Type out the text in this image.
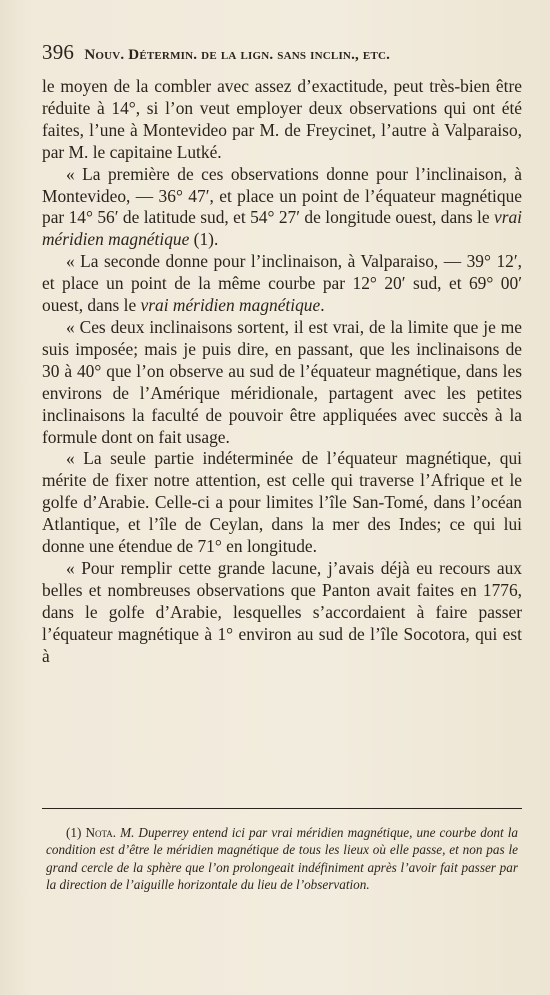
396 Nouv. Détermin. de la lign. sans inclin., etc.

le moyen de la combler avec assez d’exactitude, peut très-bien être réduite à 14°, si l’on veut employer deux observations qui ont été faites, l’une à Montevideo par M. de Freycinet, l’autre à Valparaiso, par M. le capitaine Lutké.

« La première de ces observations donne pour l’inclinaison, à Montevideo, — 36° 47′, et place un point de l’équateur magnétique par 14° 56′ de latitude sud, et 54° 27′ de longitude ouest, dans le vrai méridien magnétique (1).

« La seconde donne pour l’inclinaison, à Valparaiso, — 39° 12′, et place un point de la même courbe par 12° 20′ sud, et 69° 00′ ouest, dans le vrai méridien magnétique.

« Ces deux inclinaisons sortent, il est vrai, de la limite que je me suis imposée; mais je puis dire, en passant, que les inclinaisons de 30 à 40° que l’on observe au sud de l’équateur magnétique, dans les environs de l’Amérique méridionale, partagent avec les petites inclinaisons la faculté de pouvoir être appliquées avec succès à la formule dont on fait usage.

« La seule partie indéterminée de l’équateur magnétique, qui mérite de fixer notre attention, est celle qui traverse l’Afrique et le golfe d’Arabie. Celle-ci a pour limites l’île San-Tomé, dans l’océan Atlantique, et l’île de Ceylan, dans la mer des Indes; ce qui lui donne une étendue de 71° en longitude.

« Pour remplir cette grande lacune, j’avais déjà eu recours aux belles et nombreuses observations que Panton avait faites en 1776, dans le golfe d’Arabie, lesquelles s’accordaient à faire passer l’équateur magnétique à 1° environ au sud de l’île Socotora, qui est à

(1) Nota. M. Duperrey entend ici par vrai méridien magnétique, une courbe dont la condition est d’être le méridien magnétique de tous les lieux où elle passe, et non pas le grand cercle de la sphère que l’on prolongeait indéfiniment après l’avoir fait passer par la direction de l’aiguille horizontale du lieu de l’observation.
